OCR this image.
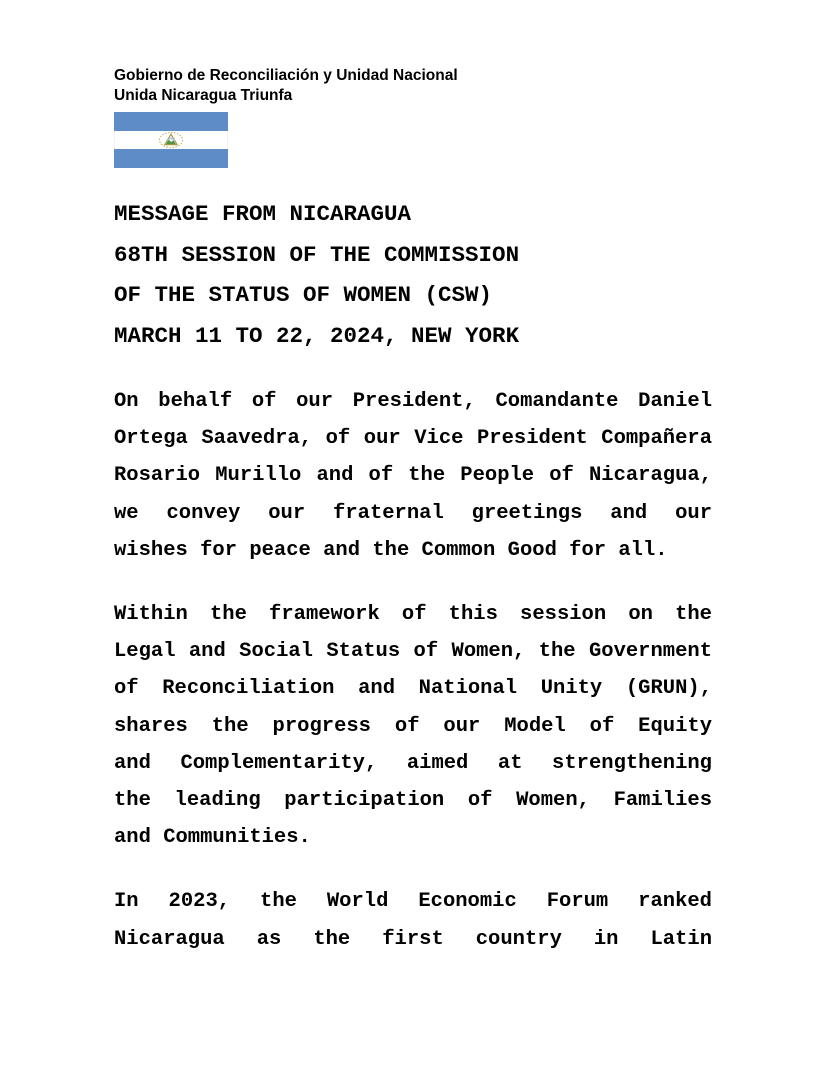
Gobierno de Reconciliación y Unidad Nacional
Unida Nicaragua Triunfa
MESSAGE FROM NICARAGUA
68TH SESSION OF THE COMMISSION
OF THE STATUS OF WOMEN (CSW)
MARCH 11 TO 22, 2024, NEW YORK
On behalf of our President, Comandante Daniel
Ortega Saavedra, of our Vice President Compañera
Rosario Murillo and of the People of Nicaragua,
we convey our fraternal greetings and our
wishes for peace and the Common Good for all.
Within the framework of this session on the
Legal and Social Status of Women, the Government
of Reconciliation and National Unity (GRUN),
shares the progress of our Model of Equity
and Complementarity, aimed at strengthening
the leading participation of Women, Families
and Communities.
In 2023, the World Economic Forum ranked
Nicaragua as the first country in Latin
